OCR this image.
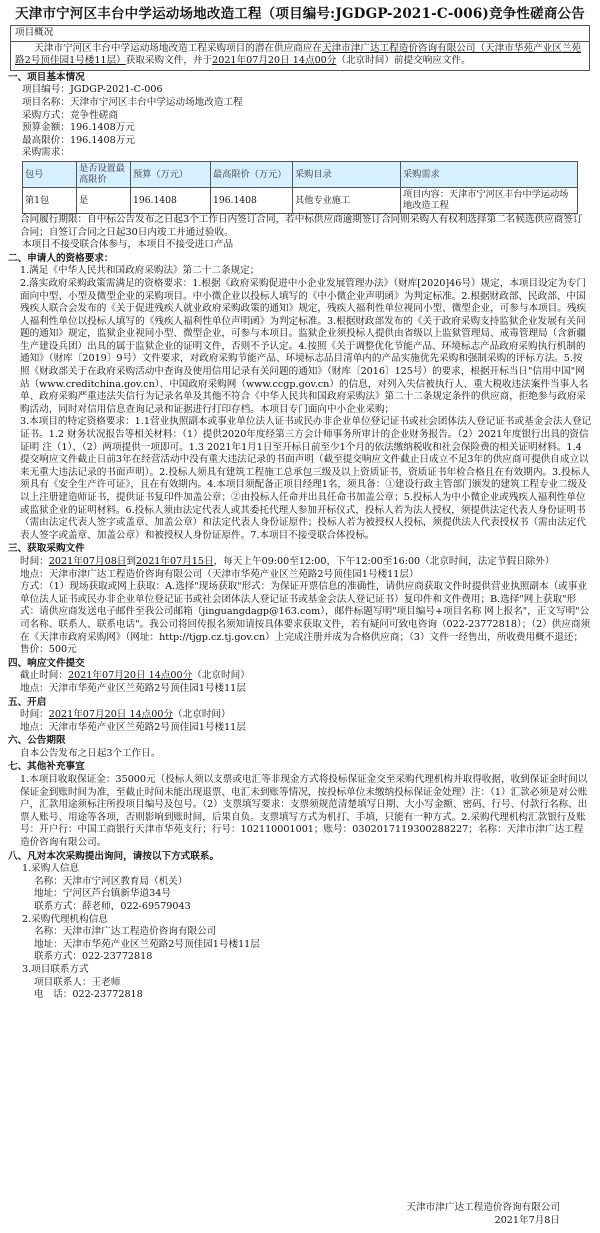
天津市宁河区丰台中学运动场地改造工程（项目编号:JGDGP-2021-C-006)竞争性磋商公告
项目概况
天津市宁河区丰台中学运动场地改造工程采购项目的潜在供应商应在天津市津广达工程造价咨询有限公司（天津市华苑产业区兰苑路2号顶佳园1号楼11层）获取采购文件，并于2021年07月20日 14点00分（北京时间）前提交响应文件。
一、项目基本情况
项目编号：JGDGP-2021-C-006
项目名称：天津市宁河区丰台中学运动场地改造工程
采购方式：竞争性磋商
预算金额：196.1408万元
最高限价：196.1408万元
采购需求：
包号	是否设置最高限价	预算（万元）	最高限价（万元）	采购目录	采购需求
第1包	是	196.1408	196.1408	其他专业施工	项目内容：天津市宁河区丰台中学运动场地改造工程
合同履行期限：自中标公告发布之日起3个工作日内签订合同，若中标供应商逾期签订合同则采购人有权利选择第二名候选供应商签订合同；自签订合同之日起30日内竣工并通过验收。
本项目不接受联合体参与，本项目不接受进口产品
二、申请人的资格要求：
1.满足《中华人民共和国政府采购法》第二十二条规定；
2.落实政府采购政策需满足的资格要求：1.根据《政府采购促进中小企业发展管理办法》（财库[2020]46号）规定，本项目设定为专门面向中型、小型及微型企业的采购项目。中小微企业以投标人填写的《中小微企业声明函》为判定标准。2.根据财政部、民政部、中国残疾人联合会发布的《关于促进残疾人就业政府采购政策的通知》规定，残疾人福利性单位视同小型、微型企业，可参与本项目。残疾人福利性单位以投标人填写的《残疾人福利性单位声明函》为判定标准。3.根据财政部发布的《关于政府采购支持监狱企业发展有关问题的通知》规定，监狱企业视同小型、微型企业，可参与本项目。监狱企业须投标人提供由省级以上监狱管理局、戒毒管理局（含新疆生产建设兵团）出具的属于监狱企业的证明文件，否则不予认定。4.按照《关于调整优化节能产品、环境标志产品政府采购执行机制的通知》（财库〔2019〕9号）文件要求，对政府采购节能产品、环境标志品目清单内的产品实施优先采购和强制采购的评标方法。5.按照《财政部关于在政府采购活动中查询及使用信用记录有关问题的通知》（财库〔2016〕125号）的要求，根据开标当日"信用中国"网站（www.creditchina.gov.cn）、中国政府采购网（www.ccgp.gov.cn）的信息，对列入失信被执行人、重大税收违法案件当事人名单、政府采购严重违法失信行为记录名单及其他不符合《中华人民共和国政府采购法》第二十二条规定条件的供应商，拒绝参与政府采购活动，同时对信用信息查询记录和证据进行打印存档。本项目专门面向中小企业采购；
3.本项目的特定资格要求：1.1营业执照副本或事业单位法人证书或民办非企业单位登记证书或社会团体法人登记证书或基金会法人登记证书。1.2 财务状况报告等相关材料：（1）提供2020年度经第三方会计师事务所审计的企业财务报告。（2）2021年度银行出具的资信证明 注（1）、（2）两项提供一项即可。1.3 2021年1月1日至开标日前至少1个月的依法缴纳税收和社会保险费的相关证明材料。1.4 提交响应文件截止日前3年在经营活动中没有重大违法记录的书面声明（截至提交响应文件截止日成立不足3年的供应商可提供自成立以来无重大违法记录的书面声明）。2.投标人须具有建筑工程施工总承包三级及以上资质证书，资质证书年检合格且在有效期内。3.投标人须具有《安全生产许可证》，且在有效期内。4.本项目须配备正项目经理1名，须具备：①建设行政主管部门颁发的建筑工程专业二级及以上注册建造师证书，提供证书复印件加盖公章；②由投标人任命并出具任命书加盖公章；5.投标人为中小微企业或残疾人福利性单位或监狱企业的证明材料。6.投标人须由法定代表人或其委托代理人参加开标仪式，投标人若为法人授权，须提供法定代表人身份证明书（需由法定代表人签字或盖章、加盖公章）和法定代表人身份证原件；投标人若为被授权人投标，须提供法人代表授权书（需由法定代表人签字或盖章、加盖公章）和被授权人身份证原件。7.本项目不接受联合体投标。
三、获取采购文件
时间：2021年07月08日到2021年07月15日，每天上午09:00至12:00，下午12:00至16:00（北京时间，法定节假日除外）
地点：天津市津广达工程造价咨询有限公司（天津市华苑产业区兰苑路2号顶佳园1号楼11层）
方式：（1）现场获取或网上获取：A.选择"现场获取"形式：为保证开票信息的准确性，请供应商获取文件时提供营业执照副本（或事业单位法人证书或民办非企业单位登记证书或社会团体法人登记证书或基金会法人登记证书）复印件和文件费用；B.选择"网上获取"形式：请供应商发送电子邮件至我公司邮箱（jinguangdagp@163.com），邮件标题写明"项目编号+项目名称 网上报名"，正文写明"公司名称、联系人、联系电话"。我公司将回传报名须知请按具体要求获取文件，若有疑问可致电咨询（022-23772818）；（2）供应商须在《天津市政府采购网》（网址：http://tjgp.cz.tj.gov.cn）上完成注册并成为合格供应商；（3）文件一经售出，所收费用概不退还；
售价：500元
四、响应文件提交
截止时间：2021年07月20日 14点00分（北京时间）
地点：天津市华苑产业区兰苑路2号顶佳园1号楼11层
五、开启
时间：2021年07月20日 14点00分（北京时间）
地点：天津市华苑产业区兰苑路2号顶佳园1号楼11层
六、公告期限
自本公告发布之日起3个工作日。
七、其他补充事宜
1.本项目收取保证金：35000元（投标人须以支票或电汇等非现金方式将投标保证金交至采购代理机构并取得收据，收到保证金时间以保证金到账时间为准，至截止时间未能出现退票、电汇未到账等情况，按投标单位未缴纳投标保证金处理）注：（1）汇款必须是对公账户，汇款用途须标注所投项目编号及包号。（2）支票填写要求：支票须规范清楚填写日期、大小写金额、密码、行号、付款行名称、出票人账号、用途等各项，否则影响到账时间，后果自负。支票填写方式为机打、手填，只能有一种方式。2.采购代理机构汇款银行及账号：开户行：中国工商银行天津市华苑支行；行号：102110001001；账号：0302017119300288227；名称：天津市津广达工程造价咨询有限公司。
八、凡对本次采购提出询问，请按以下方式联系。
1.采购人信息
名称：天津市宁河区教育局（机关）
地址：宁河区芦台镇新华道34号
联系方式：薛老师，022-69579043
2.采购代理机构信息
名称：天津市津广达工程造价咨询有限公司
地址：天津市华苑产业区兰苑路2号顶佳园1号楼11层
联系方式：022-23772818
3.项目联系方式
项目联系人：王老师
电　话：022-23772818
天津市津广达工程造价咨询有限公司
2021年7月8日
